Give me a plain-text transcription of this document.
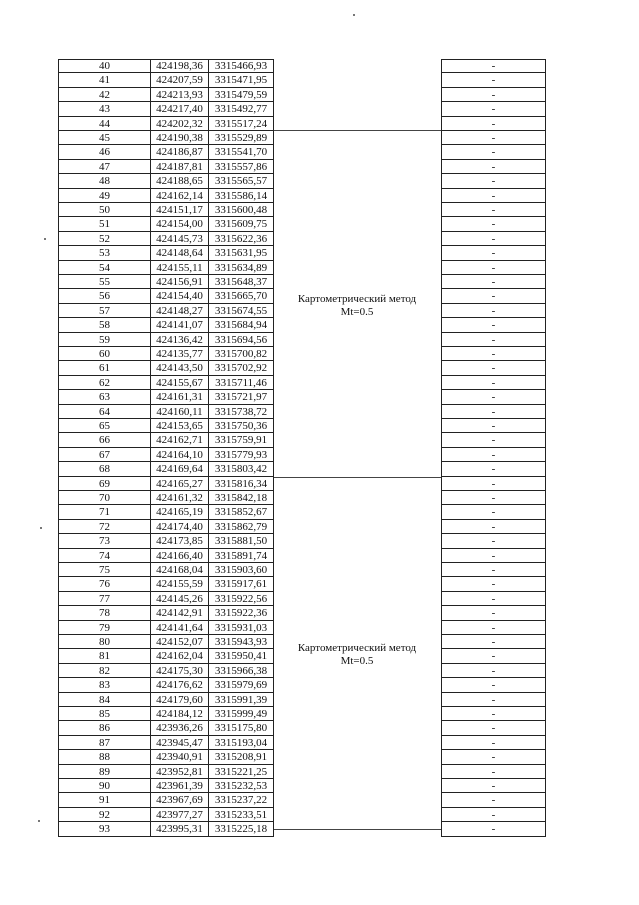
40	424198,36	3315466,93	-
41	424207,59	3315471,95	-
42	424213,93	3315479,59	-
43	424217,40	3315492,77	-
44	424202,32	3315517,24	-
45	424190,38	3315529,89	-
46	424186,87	3315541,70	-
47	424187,81	3315557,86	-
48	424188,65	3315565,57	-
49	424162,14	3315586,14	-
50	424151,17	3315600,48	-
51	424154,00	3315609,75	-
52	424145,73	3315622,36	-
53	424148,64	3315631,95	-
54	424155,11	3315634,89	-
55	424156,91	3315648,37	-
56	424154,40	3315665,70	-
57	424148,27	3315674,55	-
58	424141,07	3315684,94	-
59	424136,42	3315694,56	-
60	424135,77	3315700,82	-
61	424143,50	3315702,92	-
62	424155,67	3315711,46	-
63	424161,31	3315721,97	-
64	424160,11	3315738,72	-
65	424153,65	3315750,36	-
66	424162,71	3315759,91	-
67	424164,10	3315779,93	-
68	424169,64	3315803,42	-
69	424165,27	3315816,34	-
70	424161,32	3315842,18	-
71	424165,19	3315852,67	-
72	424174,40	3315862,79	-
73	424173,85	3315881,50	-
74	424166,40	3315891,74	-
75	424168,04	3315903,60	-
76	424155,59	3315917,61	-
77	424145,26	3315922,56	-
78	424142,91	3315922,36	-
79	424141,64	3315931,03	-
80	424152,07	3315943,93	-
81	424162,04	3315950,41	-
82	424175,30	3315966,38	-
83	424176,62	3315979,69	-
84	424179,60	3315991,39	-
85	424184,12	3315999,49	-
86	423936,26	3315175,80	-
87	423945,47	3315193,04	-
88	423940,91	3315208,91	-
89	423952,81	3315221,25	-
90	423961,39	3315232,53	-
91	423967,69	3315237,22	-
92	423977,27	3315233,51	-
93	423995,31	3315225,18	-
Картометрический метод
Mt=0.5
Картометрический метод
Mt=0.5
